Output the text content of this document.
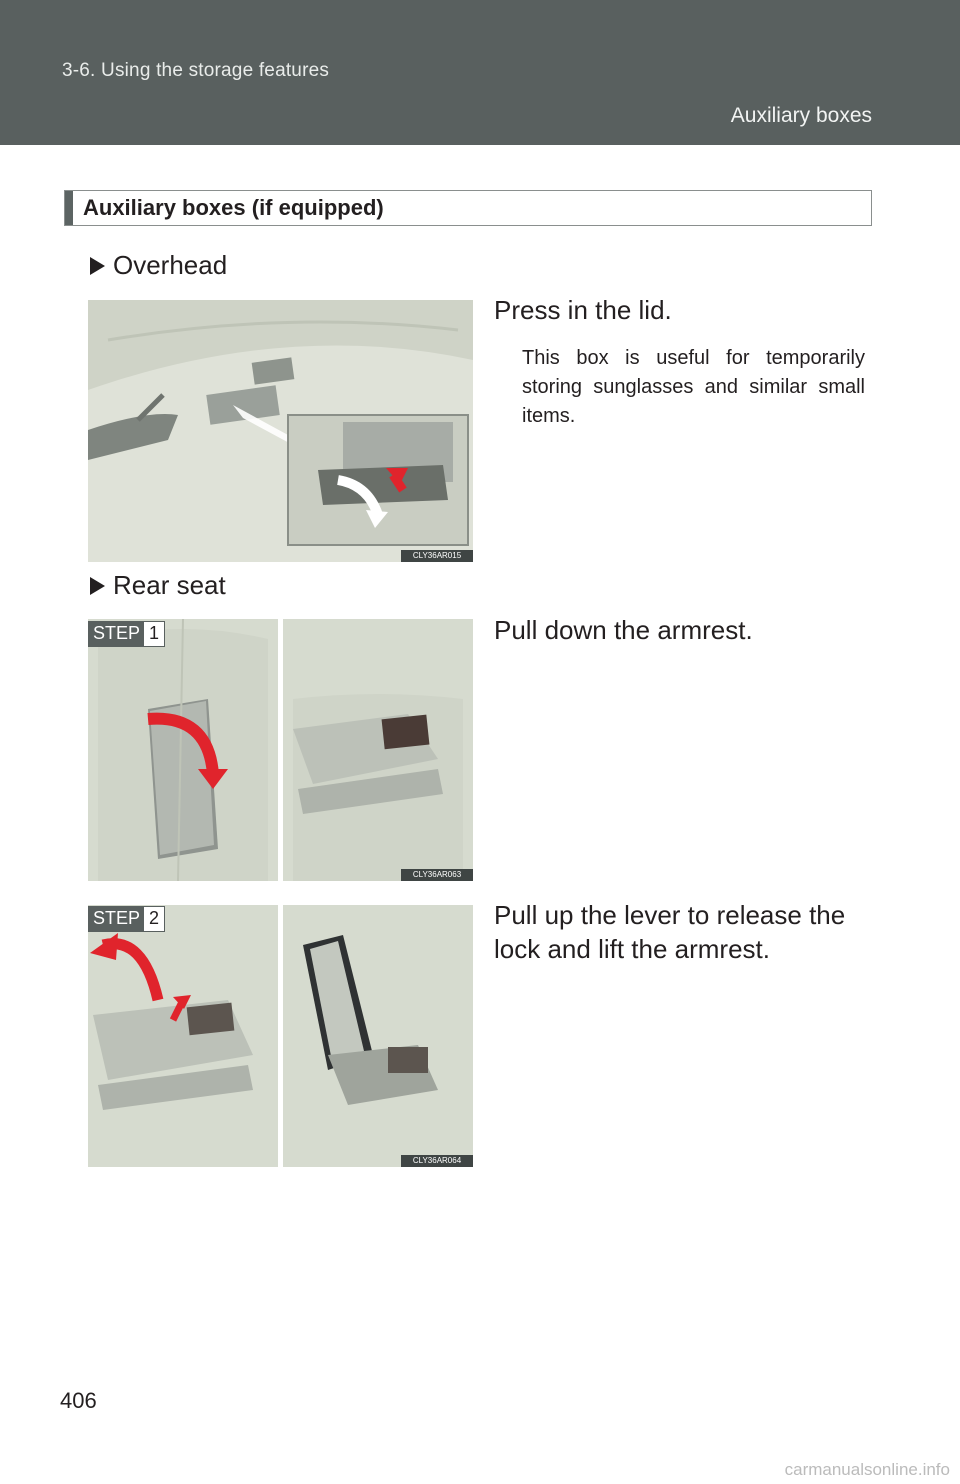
3-6. Using the storage features
Auxiliary boxes
Auxiliary boxes (if equipped)
Overhead
CLY36AR015
Press in the lid.
This box is useful for temporarily storing sunglasses and similar small items.
Rear seat
CLY36AR063
STEP 1	Pull down the armrest.
CLY36AR064
STEP 2	Pull up the lever to release the lock and lift the armrest.
406
carmanualsonline.info
